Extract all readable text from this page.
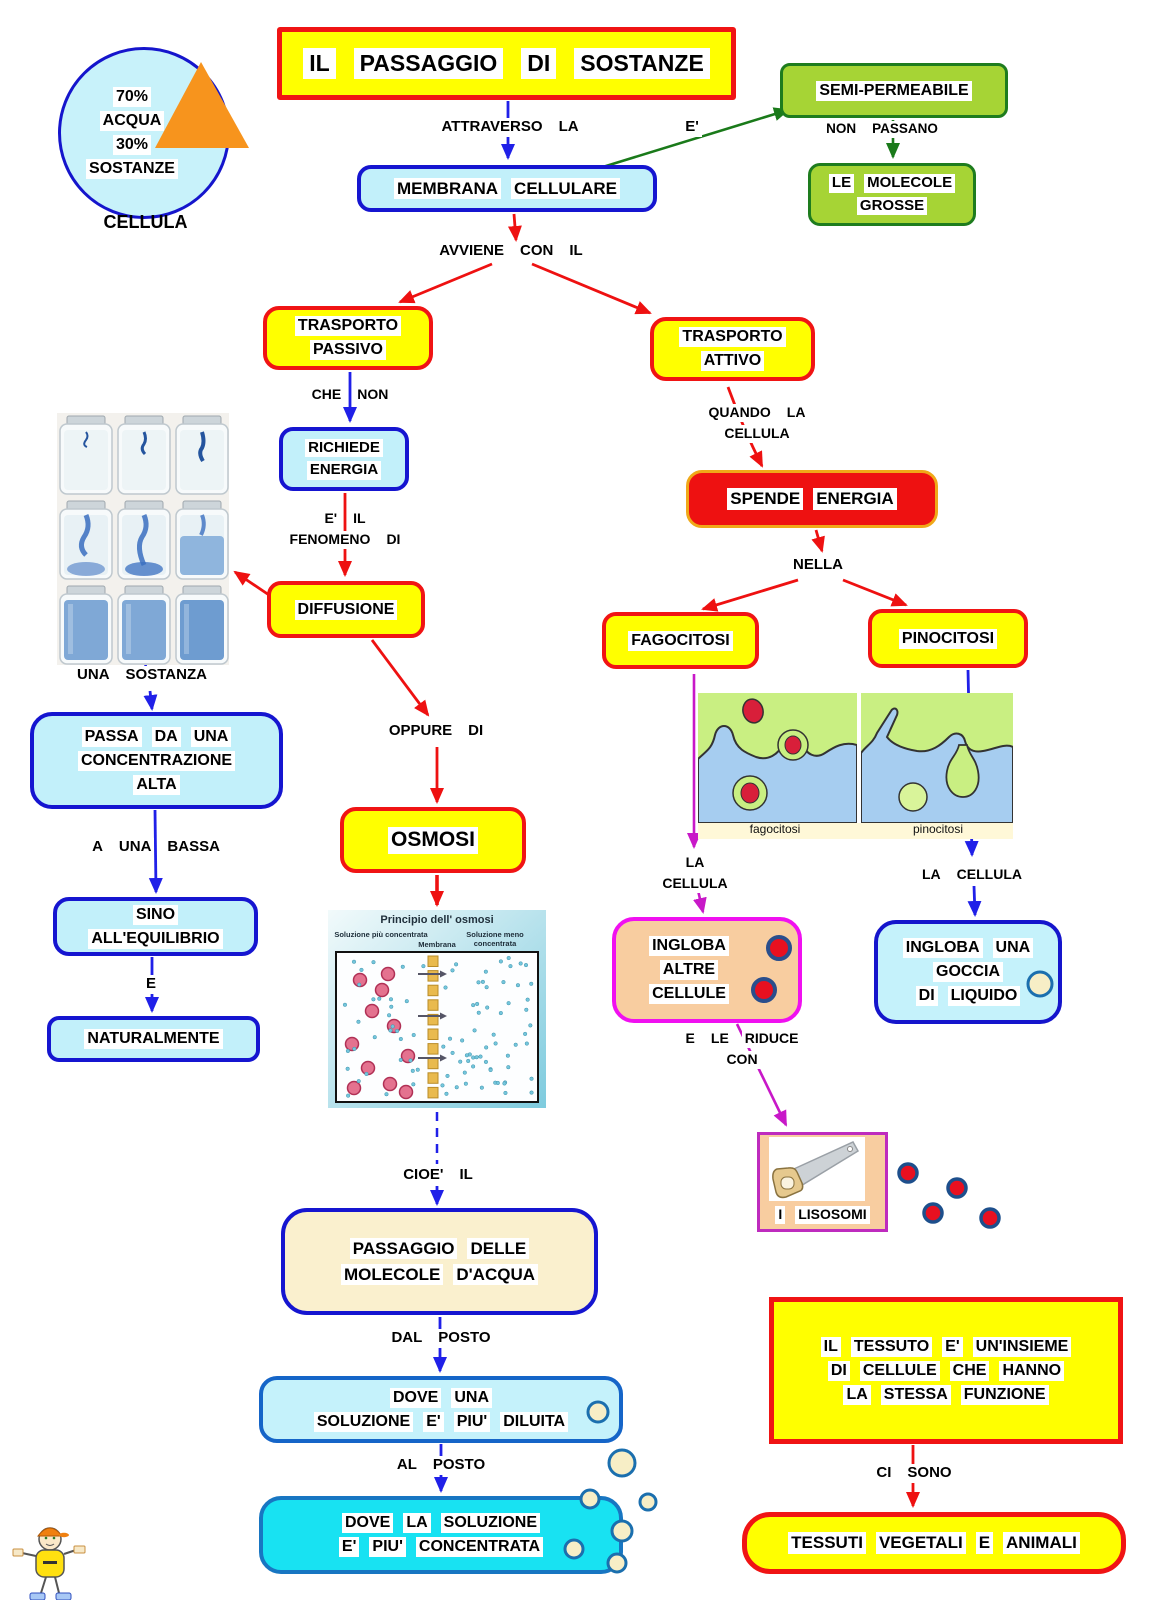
70%
ACQUA
30%
SOSTANZE
CELLULA
IL PASSAGGIO DI SOSTANZE
ATTRAVERSO LA	E'	NON PASSANO
AVVIENE CON IL
CHE NON
E' IL
FENOMENO DI
UNA SOSTANZA
A UNA BASSA
E
OPPURE DI
CIOE' IL
DAL POSTO
AL POSTO
QUANDO LA
CELLULA
NELLA
LA
CELLULA
LA CELLULA
E LE RIDUCE
CON
CI SONO
MEMBRANA CELLULARE
SEMI-PERMEABILE
LE MOLECOLE
GROSSE
TRASPORTO
PASSIVO
RICHIEDE
ENERGIA
DIFFUSIONE
PASSA DA UNA
CONCENTRAZIONE
ALTA
SINO
ALL'EQUILIBRIO
NATURALMENTE
OSMOSI
PASSAGGIO DELLE
MOLECOLE D'ACQUA
DOVE UNA
SOLUZIONE E' PIU' DILUITA
DOVE LA SOLUZIONE
E' PIU' CONCENTRATA
TRASPORTO
ATTIVO
SPENDE ENERGIA
FAGOCITOSI	PINOCITOSI
INGLOBA
ALTRE
CELLULE
INGLOBA UNA
GOCCIA
DI LIQUIDO
I LISOSOMI
IL TESSUTO E' UN'INSIEME
DI CELLULE CHE HANNO
LA STESSA FUNZIONE
TESSUTI VEGETALI E ANIMALI
Principio dell' osmosi
Soluzione più concentrata
Membrana
Soluzione meno concentrata
fagocitosi	pinocitosi
